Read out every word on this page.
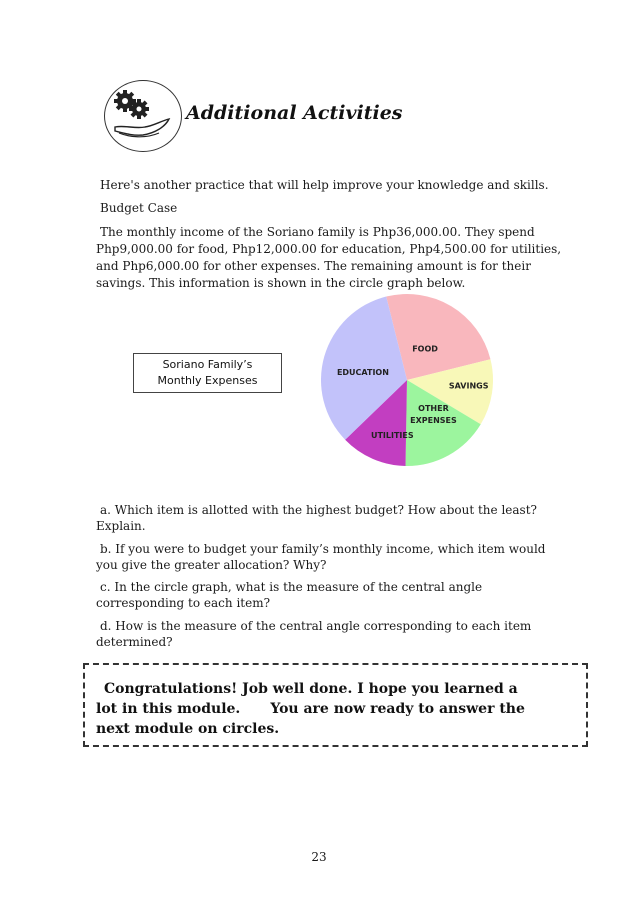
Additional Activities
Here's another practice that will help improve your knowledge and skills.
Budget Case
The monthly income of the Soriano family is Php36,000.00. They spend
Php9,000.00 for food, Php12,000.00 for education, Php4,500.00 for utilities,
and Php6,000.00 for other expenses. The remaining amount is for their
savings. This information is shown in the circle graph below.
Soriano Family’s
Monthly Expenses
FOOD
SAVINGS
OTHER EXPENSES
UTILITIES
EDUCATION
a. Which item is allotted with the highest budget? How about the least?
Explain.
b. If you were to budget your family’s monthly income, which item would
you give the greater allocation? Why?
c. In the circle graph, what is the measure of the central angle
corresponding to each item?
d. How is the measure of the central angle corresponding to each item
determined?
Congratulations! Job well done. I hope you learned a
lot in this module. You are now ready to answer the
next module on circles.
23
